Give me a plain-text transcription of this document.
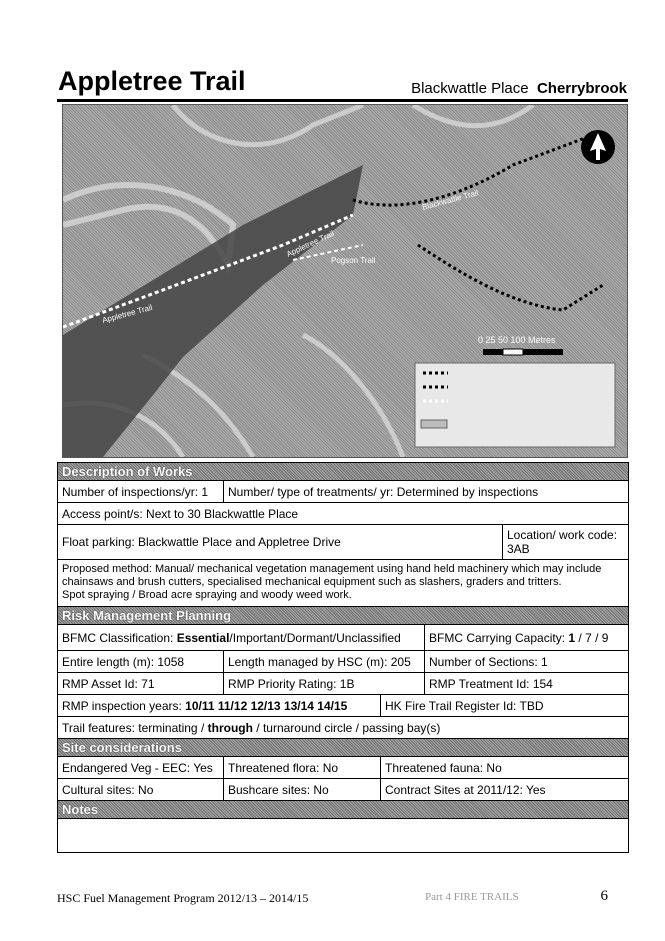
Appletree Trail	Blackwattle Place Cherrybrook
Blackwattle Trail
Appletree Trail
Pogson Trail
Appletree Trail
0 25 50 100 Metres
Description of Works				
Number of inspections/yr: 1	Number/ type of treatments/ yr: Determined by inspections			
Access point/s: Next to 30 Blackwattle Place				
Float parking: Blackwattle Place and Appletree Drive				Location/ work code: 3AB

Proposed method: Manual/ mechanical vegetation management using hand held machinery which may include chainsaws and brush cutters, specialised mechanical equipment such as slashers, graders and tritters.
Spot spraying / Broad acre spraying and woody weed work.				

Risk Management Planning				
BFMC Classification: Essential/Important/Dormant/Unclassified			BFMC Carrying Capacity: 1 / 7 / 9	
Entire length (m): 1058	Length managed by HSC (m): 205		Number of Sections: 1	
RMP Asset Id: 71	RMP Priority Rating: 1B		RMP Treatment Id: 154	
RMP inspection years: 10/11 11/12 12/13 13/14 14/15		HK Fire Trail Register Id: TBD		
Trail features: terminating / through / turnaround circle / passing bay(s)				
Site considerations				
Endangered Veg - EEC: Yes	Threatened flora: No	Threatened fauna: No		
Cultural sites: No	Bushcare sites: No	Contract Sites at 2011/12: Yes		
Notes				

HSC Fuel Management Program 2012/13 – 2014/15	Part 4 FIRE TRAILS	6
